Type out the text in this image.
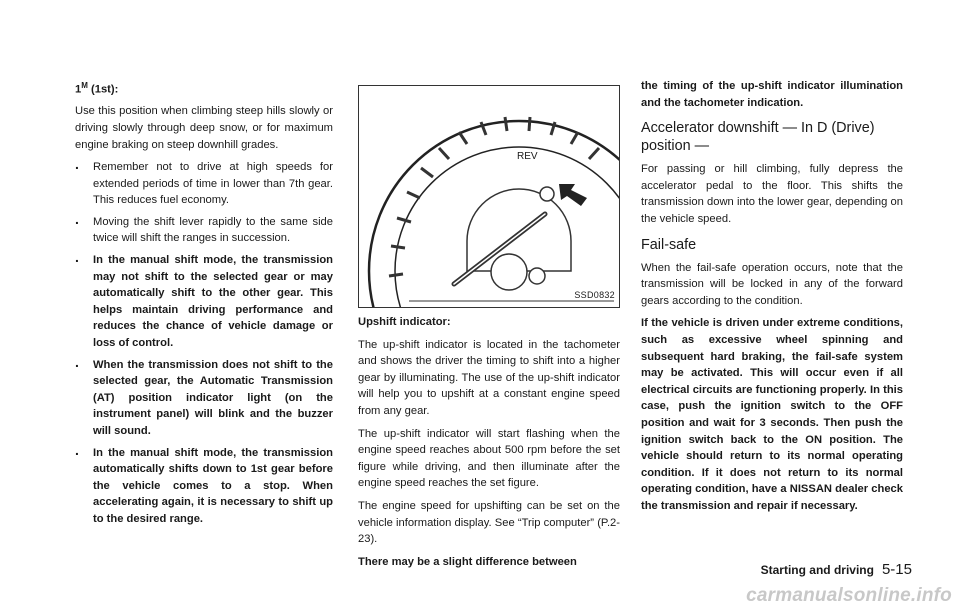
$1^M$ (1st):

Use this position when climbing steep hills slowly or driving slowly through deep snow, or for maximum engine braking on steep downhill grades.

. Remember not to drive at high speeds for extended periods of time in lower than 7th gear. This reduces fuel economy.
. Moving the shift lever rapidly to the same side twice will shift the ranges in succession.
. In the manual shift mode, the transmission may not shift to the selected gear or may automatically shift to the other gear. This helps maintain driving performance and reduces the chance of vehicle damage or loss of control.
. When the transmission does not shift to the selected gear, the Automatic Transmission (AT) position indicator light (on the instrument panel) will blink and the buzzer will sound.
. In the manual shift mode, the transmission automatically shifts down to 1st gear before the vehicle comes to a stop. When accelerating again, it is necessary to shift up to the desired range.
REV
SSD0832

Upshift indicator:

The up-shift indicator is located in the tachometer and shows the driver the timing to shift into a higher gear by illuminating. The use of the up-shift indicator will help you to upshift at a constant engine speed from any gear.

The up-shift indicator will start flashing when the engine speed reaches about 500 rpm before the set figure while driving, and then illuminate after the engine speed reaches the set figure.

The engine speed for upshifting can be set on the vehicle information display. See “Trip computer” (P.2-23).

There may be a slight difference between

the timing of the up-shift indicator illumination and the tachometer indication.

Accelerator downshift — In D (Drive) position —

For passing or hill climbing, fully depress the accelerator pedal to the floor. This shifts the transmission down into the lower gear, depending on the vehicle speed.

Fail-safe

When the fail-safe operation occurs, note that the transmission will be locked in any of the forward gears according to the condition.

If the vehicle is driven under extreme conditions, such as excessive wheel spinning and subsequent hard braking, the fail-safe system may be activated. This will occur even if all electrical circuits are functioning properly. In this case, push the ignition switch to the OFF position and wait for 3 seconds. Then push the ignition switch back to the ON position. The vehicle should return to its normal operating condition. If it does not return to its normal operating condition, have a NISSAN dealer check the transmission and repair if necessary.

Starting and driving 5-15
carmanualsonline.info
